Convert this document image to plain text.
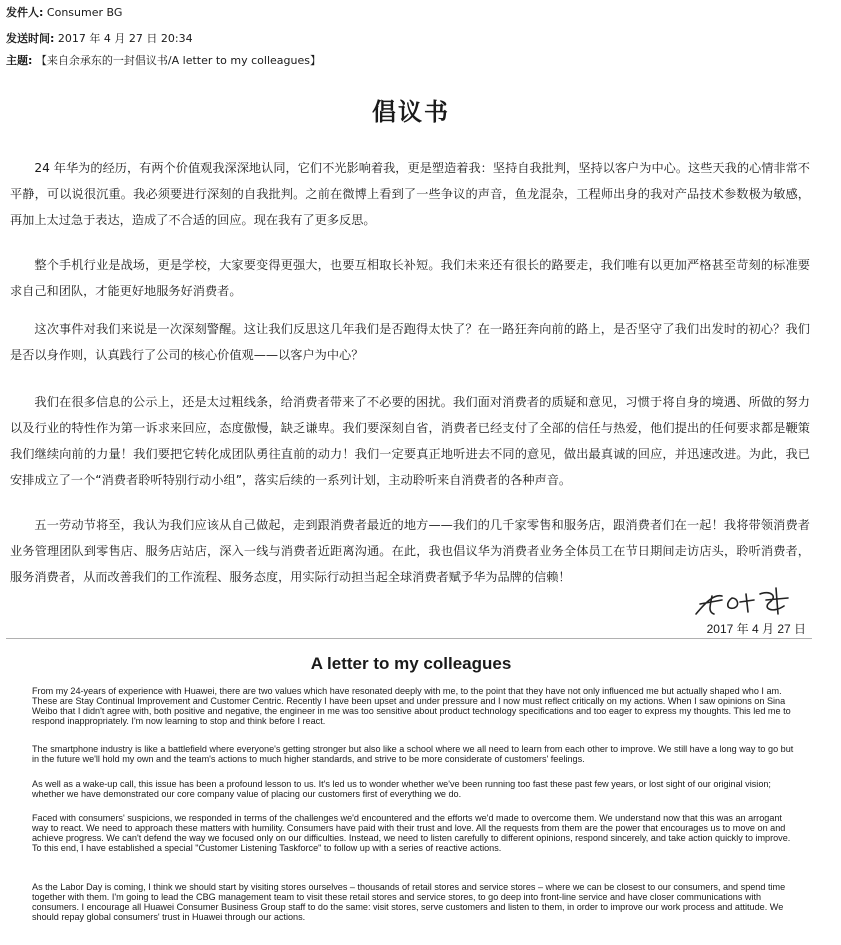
发件人: Consumer BG
发送时间: 2017 年 4 月 27 日 20:34
主题: 【来自余承东的一封倡议书/A letter to my colleagues】
倡议书

24 年华为的经历，有两个价值观我深深地认同，它们不光影响着我，更是塑造着我：坚持自我批判，坚持以客户为中心。这些天我的心情非常不平静，可以说很沉重。我必须要进行深刻的自我批判。之前在微博上看到了一些争议的声音，鱼龙混杂，工程师出身的我对产品技术参数极为敏感，再加上太过急于表达，造成了不合适的回应。现在我有了更多反思。

整个手机行业是战场，更是学校，大家要变得更强大，也要互相取长补短。我们未来还有很长的路要走，我们唯有以更加严格甚至苛刻的标准要求自己和团队，才能更好地服务好消费者。

这次事件对我们来说是一次深刻警醒。这让我们反思这几年我们是否跑得太快了？在一路狂奔向前的路上，是否坚守了我们出发时的初心？我们是否以身作则，认真践行了公司的核心价值观——以客户为中心？

我们在很多信息的公示上，还是太过粗线条，给消费者带来了不必要的困扰。我们面对消费者的质疑和意见，习惯于将自身的境遇、所做的努力以及行业的特性作为第一诉求来回应，态度傲慢，缺乏谦卑。我们要深刻自省，消费者已经支付了全部的信任与热爱，他们提出的任何要求都是鞭策我们继续向前的力量！我们要把它转化成团队勇往直前的动力！我们一定要真正地听进去不同的意见，做出最真诚的回应，并迅速改进。为此，我已安排成立了一个“消费者聆听特别行动小组”，落实后续的一系列计划，主动聆听来自消费者的各种声音。

五一劳动节将至，我认为我们应该从自己做起，走到跟消费者最近的地方——我们的几千家零售和服务店，跟消费者们在一起！我将带领消费者业务管理团队到零售店、服务店站店，深入一线与消费者近距离沟通。在此，我也倡议华为消费者业务全体员工在节日期间走访店头，聆听消费者，服务消费者，从而改善我们的工作流程、服务态度，用实际行动担当起全球消费者赋予华为品牌的信赖！

2017 年 4 月 27 日
A letter to my colleagues

From my 24-years of experience with Huawei, there are two values which have resonated deeply with me, to the point that they have not only influenced me but actually shaped who I am. These are Stay Continual Improvement and Customer Centric. Recently I have been upset and under pressure and I now must reflect critically on my actions. When I saw opinions on Sina Weibo that I didn't agree with, both positive and negative, the engineer in me was too sensitive about product technology specifications and too eager to express my thoughts. This led me to respond inappropriately. I'm now learning to stop and think before I react.

The smartphone industry is like a battlefield where everyone's getting stronger but also like a school where we all need to learn from each other to improve. We still have a long way to go but in the future we'll hold my own and the team's actions to much higher standards, and strive to be more considerate of customers' feelings.

As well as a wake-up call, this issue has been a profound lesson to us. It's led us to wonder whether we've been running too fast these past few years, or lost sight of our original vision; whether we have demonstrated our core company value of placing our customers first of everything we do.

Faced with consumers' suspicions, we responded in terms of the challenges we'd encountered and the efforts we'd made to overcome them. We understand now that this was an arrogant way to react. We need to approach these matters with humility. Consumers have paid with their trust and love. All the requests from them are the power that encourages us to move on and achieve progress. We can't defend the way we focused only on our difficulties. Instead, we need to listen carefully to different opinions, respond sincerely, and take action quickly to improve. To this end, I have established a special "Customer Listening Taskforce" to follow up with a series of reactive actions.

As the Labor Day is coming, I think we should start by visiting stores ourselves – thousands of retail stores and service stores – where we can be closest to our consumers, and spend time together with them. I'm going to lead the CBG management team to visit these retail stores and service stores, to go deep into front-line service and have closer communications with consumers. I encourage all Huawei Consumer Business Group staff to do the same: visit stores, serve customers and listen to them, in order to improve our work process and attitude. We should repay global consumers' trust in Huawei through our actions.
